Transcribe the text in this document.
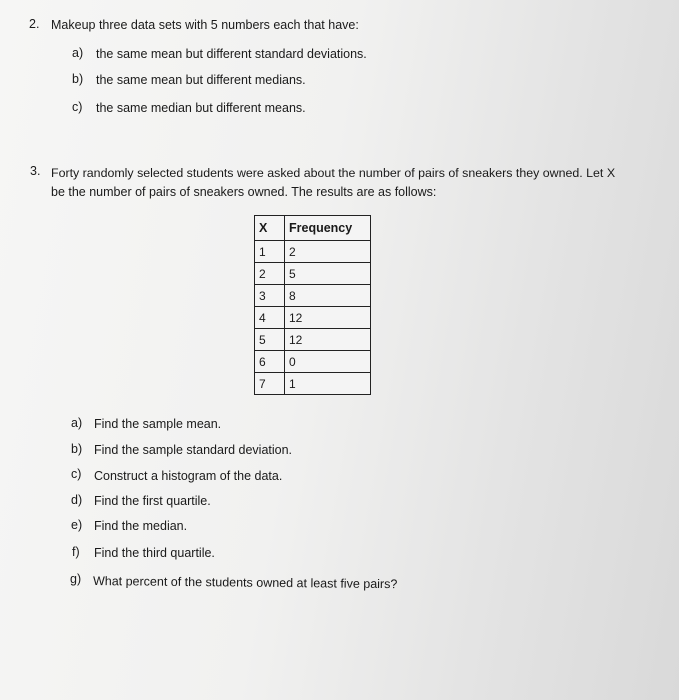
2. Makeup three data sets with 5 numbers each that have:
a) the same mean but different standard deviations.
b) the same mean but different medians.
c) the same median but different means.
3. Forty randomly selected students were asked about the number of pairs of sneakers they owned. Let X
be the number of pairs of sneakers owned. The results are as follows:
X	Frequency
1	2
2	5
3	8
4	12
5	12
6	0
7	1
a) Find the sample mean.
b) Find the sample standard deviation.
c) Construct a histogram of the data.
d) Find the first quartile.
e) Find the median.
f) Find the third quartile.
g) What percent of the students owned at least five pairs?
